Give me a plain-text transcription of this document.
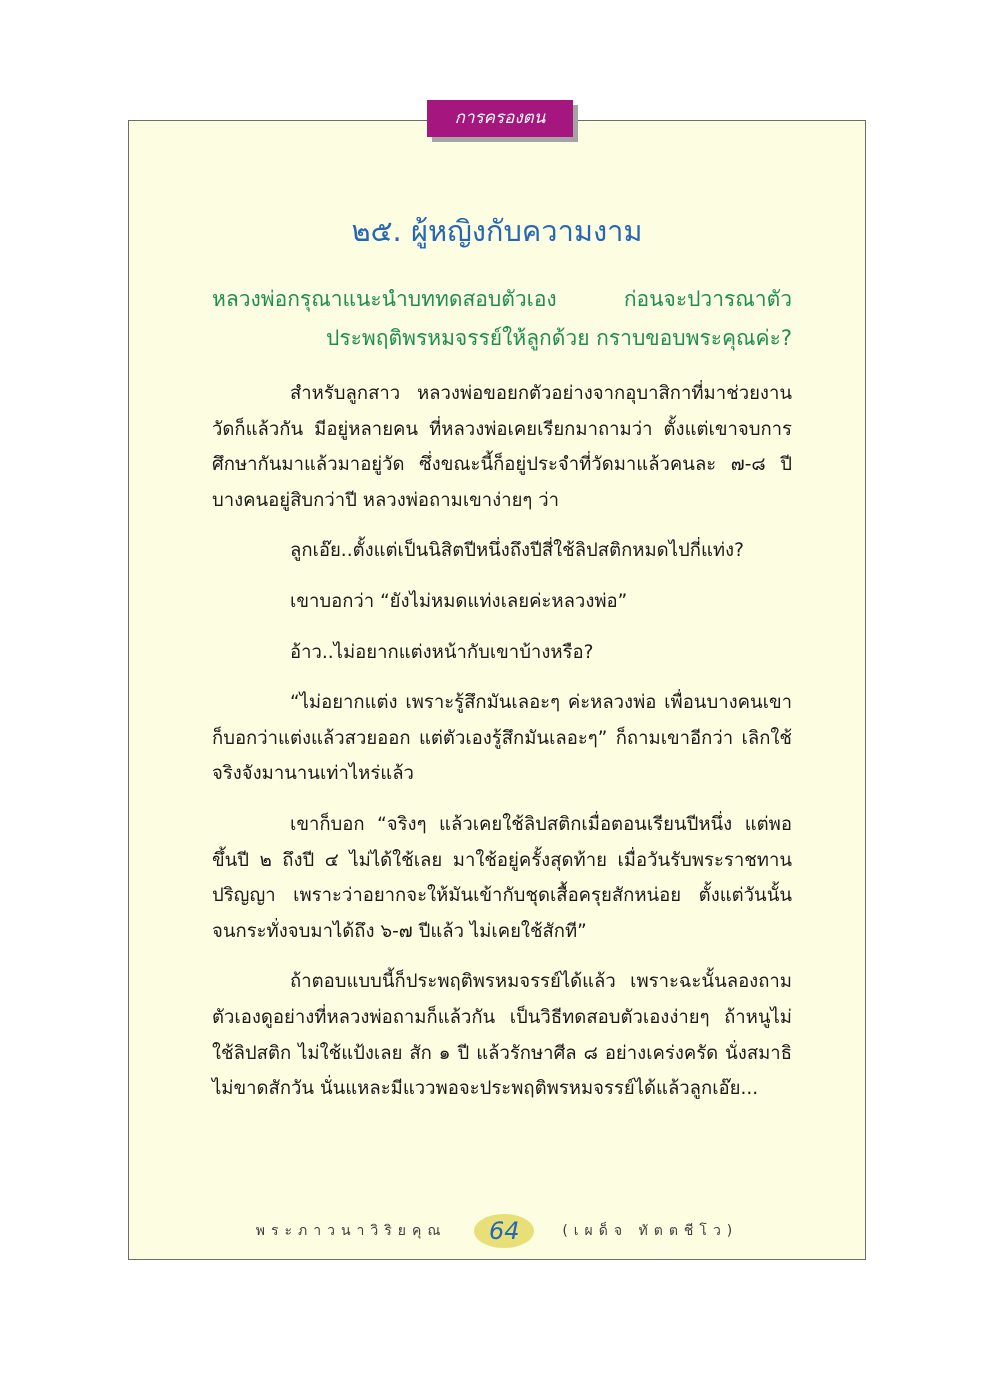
การครองตน
๒๕. ผู้หญิงกับความงาม
หลวงพ่อกรุณาแนะนำบททดสอบตัวเอง ก่อนจะปวารณาตัว
ประพฤติพรหมจรรย์ให้ลูกด้วย กราบขอบพระคุณค่ะ?

สำหรับลูกสาว หลวงพ่อขอยกตัวอย่างจากอุบาสิกาที่มาช่วยงานวัดก็แล้วกัน มีอยู่หลายคน ที่หลวงพ่อเคยเรียกมาถามว่า ตั้งแต่เขาจบการศึกษากันมาแล้วมาอยู่วัด ซึ่งขณะนี้ก็อยู่ประจำที่วัดมาแล้วคนละ ๗-๘ ปี บางคนอยู่สิบกว่าปี หลวงพ่อถามเขาง่ายๆ ว่า

ลูกเอ๊ย..ตั้งแต่เป็นนิสิตปีหนึ่งถึงปีสี่ใช้ลิปสติกหมดไปกี่แท่ง?

เขาบอกว่า “ยังไม่หมดแท่งเลยค่ะหลวงพ่อ”

อ้าว..ไม่อยากแต่งหน้ากับเขาบ้างหรือ?

“ไม่อยากแต่ง เพราะรู้สึกมันเลอะๆ ค่ะหลวงพ่อ เพื่อนบางคนเขาก็บอกว่าแต่งแล้วสวยออก แต่ตัวเองรู้สึกมันเลอะๆ” ก็ถามเขาอีกว่า เลิกใช้จริงจังมานานเท่าไหร่แล้ว

เขาก็บอก “จริงๆ แล้วเคยใช้ลิปสติกเมื่อตอนเรียนปีหนึ่ง แต่พอขึ้นปี ๒ ถึงปี ๔ ไม่ได้ใช้เลย มาใช้อยู่ครั้งสุดท้าย เมื่อวันรับพระราชทานปริญญา เพราะว่าอยากจะให้มันเข้ากับชุดเสื้อครุยสักหน่อย ตั้งแต่วันนั้นจนกระทั่งจบมาได้ถึง ๖-๗ ปีแล้ว ไม่เคยใช้สักที”

ถ้าตอบแบบนี้ก็ประพฤติพรหมจรรย์ได้แล้ว เพราะฉะนั้นลองถามตัวเองดูอย่างที่หลวงพ่อถามก็แล้วกัน เป็นวิธีทดสอบตัวเองง่ายๆ ถ้าหนูไม่ใช้ลิปสติก ไม่ใช้แป้งเลย สัก ๑ ปี แล้วรักษาศีล ๘ อย่างเคร่งครัด นั่งสมาธิไม่ขาดสักวัน นั่นแหละมีแววพอจะประพฤติพรหมจรรย์ได้แล้วลูกเอ๊ย...

พระภาวนาวิริยคุณ	64	(เผด็จ ทัตตชีโว)
